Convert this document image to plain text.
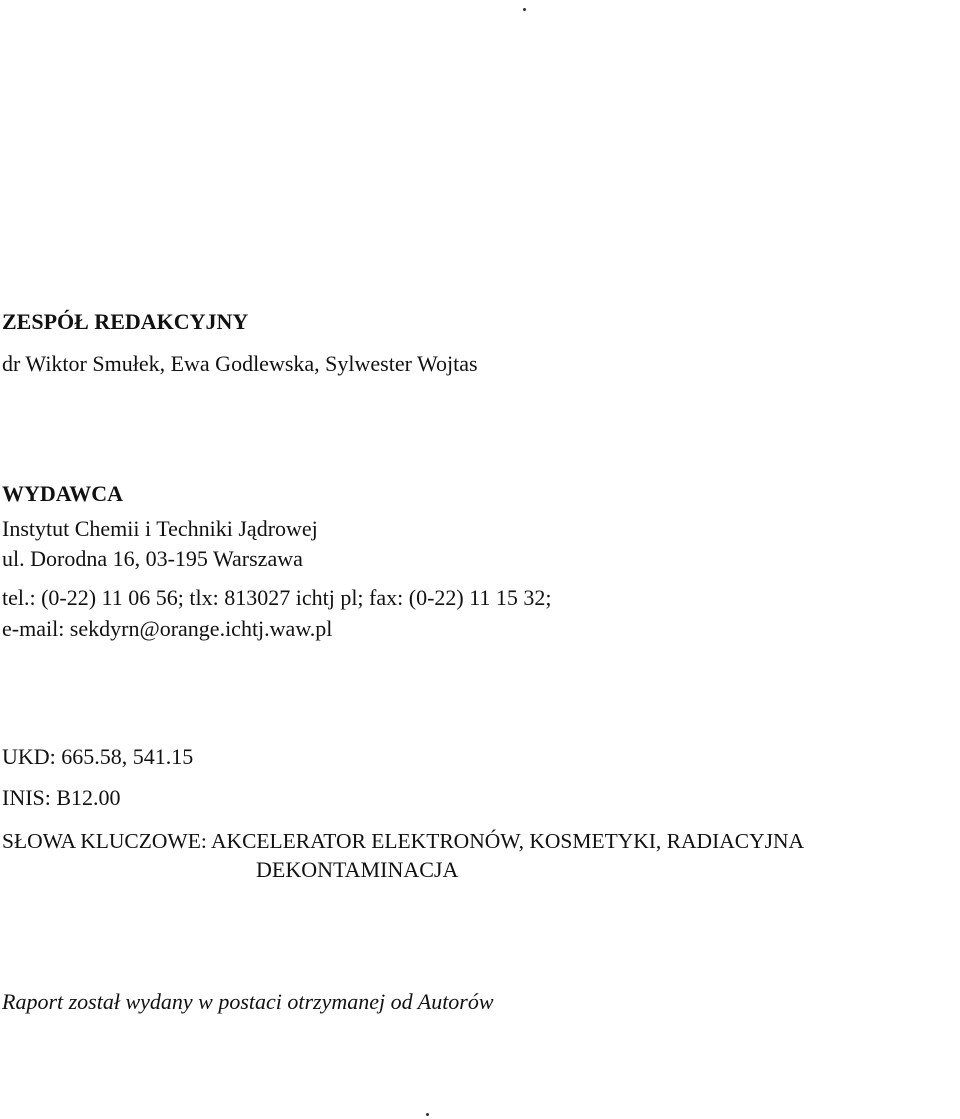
ZESPÓŁ REDAKCYJNY
dr Wiktor Smułek, Ewa Godlewska, Sylwester Wojtas
WYDAWCA
Instytut Chemii i Techniki Jądrowej
ul. Dorodna 16, 03-195 Warszawa
tel.: (0-22) 11 06 56; tlx: 813027 ichtj pl; fax: (0-22) 11 15 32;
e-mail: sekdyrn@orange.ichtj.waw.pl
UKD: 665.58, 541.15
INIS: B12.00
SŁOWA KLUCZOWE: AKCELERATOR ELEKTRONÓW, KOSMETYKI, RADIACYJNA
DEKONTAMINACJA
Raport został wydany w postaci otrzymanej od Autorów
